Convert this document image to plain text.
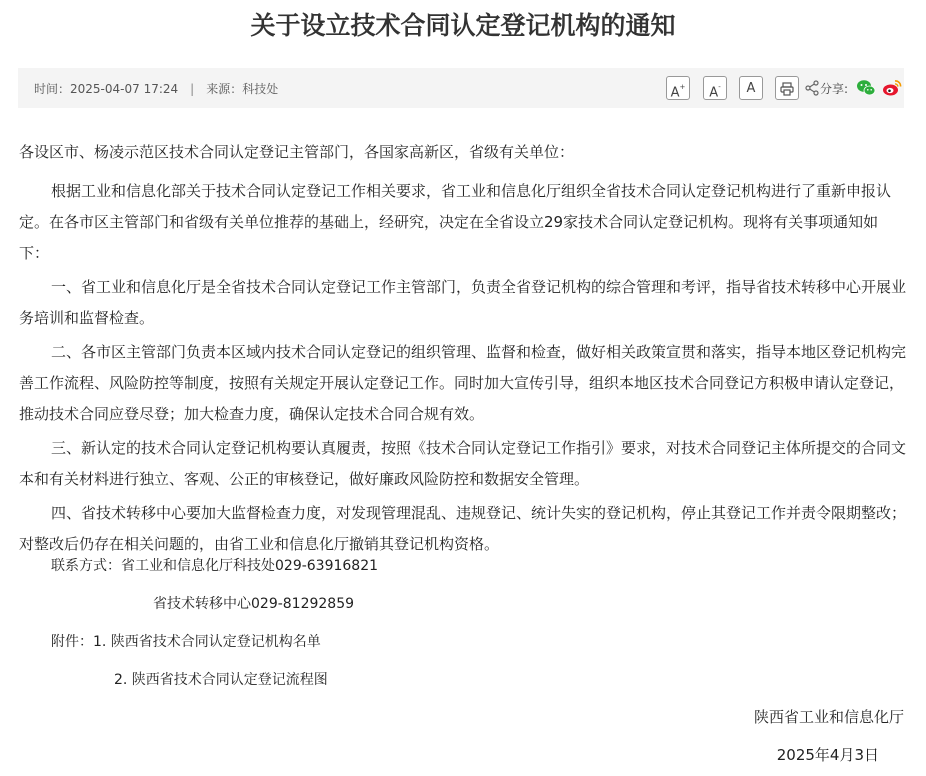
关于设立技术合同认定登记机构的通知
时间：2025-04-07 17:24 | 来源：科技处	A+	A-	A	分享:

各设区市、杨凌示范区技术合同认定登记主管部门，各国家高新区，省级有关单位：

根据工业和信息化部关于技术合同认定登记工作相关要求，省工业和信息化厅组织全省技术合同认定登记机构进行了重新申报认定。在各市区主管部门和省级有关单位推荐的基础上，经研究，决定在全省设立29家技术合同认定登记机构。现将有关事项通知如下：

一、省工业和信息化厅是全省技术合同认定登记工作主管部门，负责全省登记机构的综合管理和考评，指导省技术转移中心开展业务培训和监督检查。

二、各市区主管部门负责本区域内技术合同认定登记的组织管理、监督和检查，做好相关政策宣贯和落实，指导本地区登记机构完善工作流程、风险防控等制度，按照有关规定开展认定登记工作。同时加大宣传引导，组织本地区技术合同登记方积极申请认定登记，推动技术合同应登尽登；加大检查力度，确保认定技术合同合规有效。

三、新认定的技术合同认定登记机构要认真履责，按照《技术合同认定登记工作指引》要求，对技术合同登记主体所提交的合同文本和有关材料进行独立、客观、公正的审核登记，做好廉政风险防控和数据安全管理。

四、省技术转移中心要加大监督检查力度，对发现管理混乱、违规登记、统计失实的登记机构，停止其登记工作并责令限期整改；对整改后仍存在相关问题的，由省工业和信息化厅撤销其登记机构资格。

联系方式：省工业和信息化厅科技处029-63916821
省技术转移中心029-81292859
附件：1. 陕西省技术合同认定登记机构名单
2. 陕西省技术合同认定登记流程图
陕西省工业和信息化厅
2025年4月3日
